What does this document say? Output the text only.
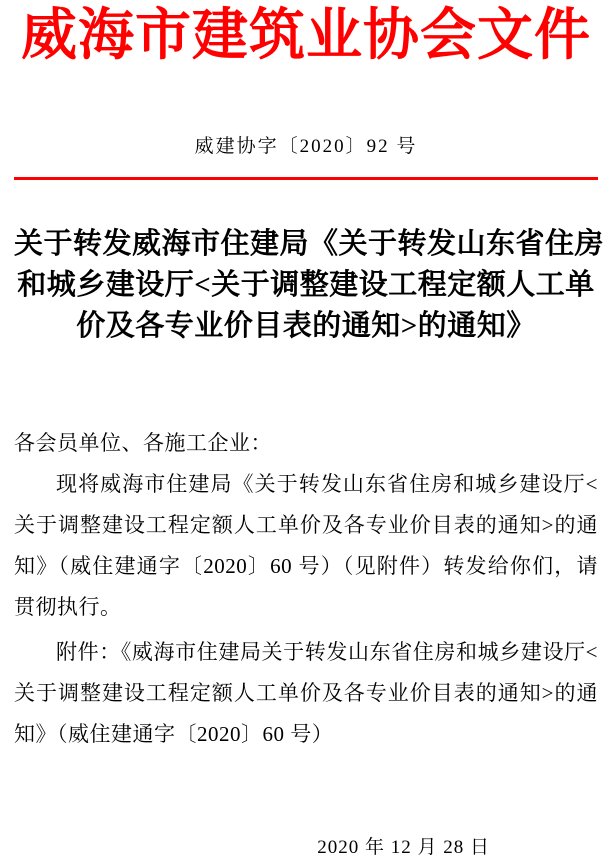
威海市建筑业协会文件
威建协字〔2020〕92 号
关于转发威海市住建局《关于转发山东省住房
和城乡建设厅<关于调整建设工程定额人工单
价及各专业价目表的通知>的通知》
各会员单位、各施工企业：

现将威海市住建局《关于转发山东省住房和城乡建设厅<关于调整建设工程定额人工单价及各专业价目表的通知>的通知》（威住建通字〔2020〕60 号）（见附件）转发给你们，请贯彻执行。

附件：《威海市住建局关于转发山东省住房和城乡建设厅<关于调整建设工程定额人工单价及各专业价目表的通知>的通知》（威住建通字〔2020〕60 号）

2020 年 12 月 28 日
